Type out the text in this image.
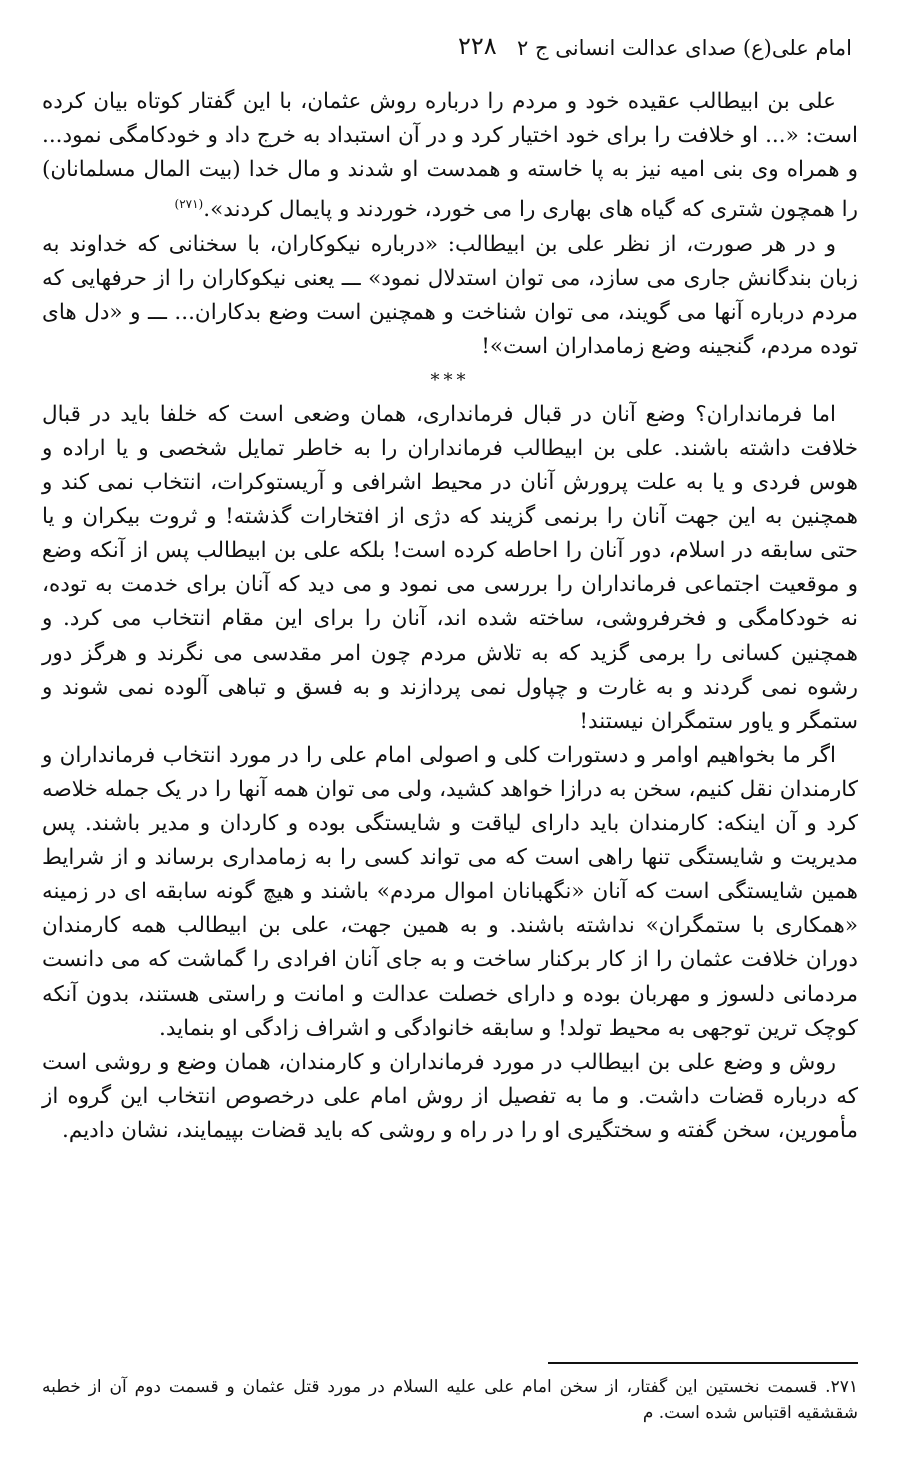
امام علی(ع) صدای عدالت انسانی ج ۲
۲۲۸

علی بن ابیطالب عقیده خود و مردم را درباره روش عثمان، با این گفتار کوتاه بیان کرده است: «... او خلافت را برای خود اختیار کرد و در آن استبداد به خرج داد و خودکامگی نمود... و همراه وی بنی امیه نیز به پا خاسته و همدست او شدند و مال خدا (بیت المال مسلمانان) را همچون شتری که گیاه های بهاری را می خورد، خوردند و پایمال کردند».$^{(۲۷۱)}$

و در هر صورت، از نظر علی بن ابیطالب: «درباره نیکوکاران، با سخنانی که خداوند به زبان بندگانش جاری می سازد، می توان استدلال نمود» ـــ یعنی نیکوکاران را از حرفهایی که مردم درباره آنها می گویند، می توان شناخت و همچنین است وضع بدکاران... ـــ و «دل های توده مردم، گنجینه وضع زمامداران است»!

***

اما فرمانداران؟ وضع آنان در قبال فرمانداری، همان وضعی است که خلفا باید در قبال خلافت داشته باشند. علی بن ابیطالب فرمانداران را به خاطر تمایل شخصی و یا اراده و هوس فردی و یا به علت پرورش آنان در محیط اشرافی و آریستوکرات، انتخاب نمی کند و همچنین به این جهت آنان را برنمی گزیند که دژی از افتخارات گذشته! و ثروت بیکران و یا حتی سابقه در اسلام، دور آنان را احاطه کرده است! بلکه علی بن ابیطالب پس از آنکه وضع و موقعیت اجتماعی فرمانداران را بررسی می نمود و می دید که آنان برای خدمت به توده، نه خودکامگی و فخرفروشی، ساخته شده اند، آنان را برای این مقام انتخاب می کرد. و همچنین کسانی را برمی گزید که به تلاش مردم چون امر مقدسی می نگرند و هرگز دور رشوه نمی گردند و به غارت و چپاول نمی پردازند و به فسق و تباهی آلوده نمی شوند و ستمگر و یاور ستمگران نیستند!

اگر ما بخواهیم اوامر و دستورات کلی و اصولی امام علی را در مورد انتخاب فرمانداران و کارمندان نقل کنیم، سخن به درازا خواهد کشید، ولی می توان همه آنها را در یک جمله خلاصه کرد و آن اینکه: کارمندان باید دارای لیاقت و شایستگی بوده و کاردان و مدیر باشند. پس مدیریت و شایستگی تنها راهی است که می تواند کسی را به زمامداری برساند و از شرایط همین شایستگی است که آنان «نگهبانان اموال مردم» باشند و هیچ گونه سابقه ای در زمینه «همکاری با ستمگران» نداشته باشند. و به همین جهت، علی بن ابیطالب همه کارمندان دوران خلافت عثمان را از کار برکنار ساخت و به جای آنان افرادی را گماشت که می دانست مردمانی دلسوز و مهربان بوده و دارای خصلت عدالت و امانت و راستی هستند، بدون آنکه کوچک ترین توجهی به محیط تولد! و سابقه خانوادگی و اشراف زادگی او بنماید.

روش و وضع علی بن ابیطالب در مورد فرمانداران و کارمندان، همان وضع و روشی است که درباره قضات داشت. و ما به تفصیل از روش امام علی درخصوص انتخاب این گروه از مأمورین، سخن گفته و سختگیری او را در راه و روشی که باید قضات بپیمایند، نشان دادیم.

۲۷۱. قسمت نخستین این گفتار، از سخن امام علی علیه السلام در مورد قتل عثمان و قسمت دوم آن از خطبه شقشقیه اقتباس شده است. م
